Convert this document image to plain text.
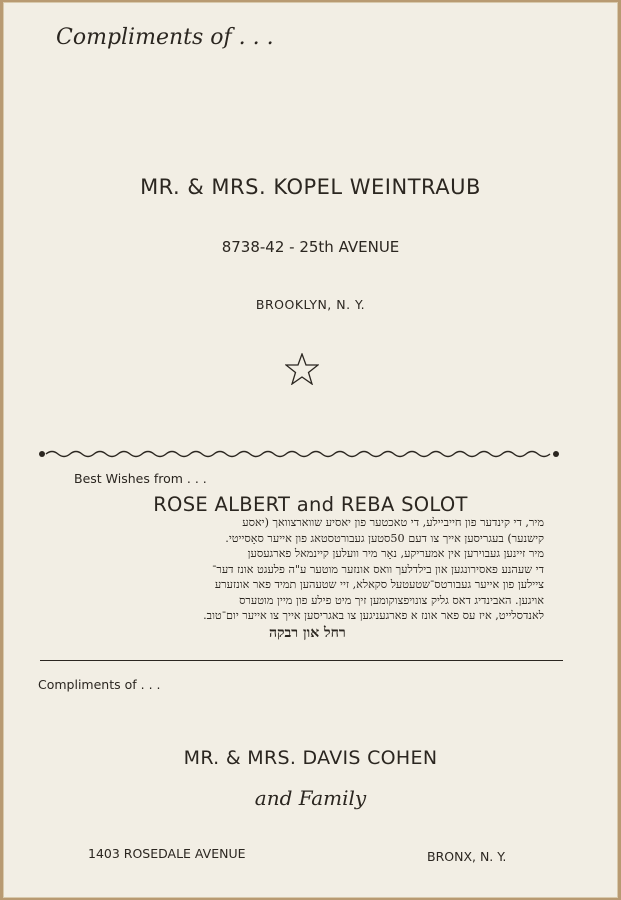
Compliments of . . .
MR. & MRS. KOPEL WEINTRAUB
8738-42 - 25th AVENUE
BROOKLYN, N. Y.
Best Wishes from . . .
ROSE ALBERT and REBA SOLOT
מיר, די קינדער פון חייביילע, די טאכטער פון יאסיע שווארצוואך (יאסע
קישנער) בעגריסען אייך צו דעם 50סטען געבורטסטאג פון אייער סאָסייטי.
מיר זיינען געבוירען אין אמעריקע, נאָר מיר וועלען קיינמאל פארגעסען
די שעהנע פאסירונגען און בילדלעך וואס אונזער מוטער ע"ה פלעגט אונז דער־
ציילען פון אייער געבורטס־שטעטעל סקאלא, זיי שטעהען תמיד פאר אונזערע
אויגען. האבינדיג דאס גליק צונויפצוקומען זיך מיט פילע פון מיין מוטערס
לאנדסלייט, איז עס פאר אונז א פארגעניגען צו באגריסען אייך צו אייער יום־טוב.
רחל און רבקה
Compliments of . . .
MR. & MRS. DAVIS COHEN
and Family
1403 ROSEDALE AVENUE	BRONX, N. Y.
